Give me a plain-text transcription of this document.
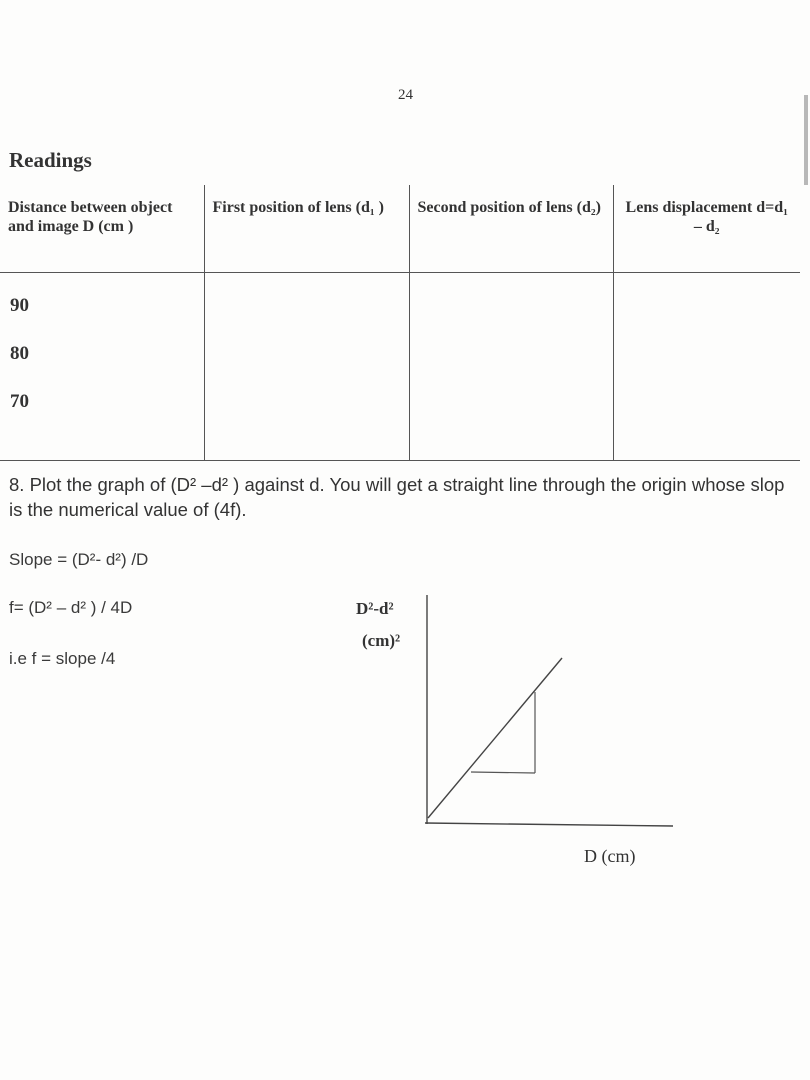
24
Readings
Distance between object and image D (cm )	First position of lens (d₁ )	Second position of lens (d₂)	Lens displacement d=d₁ – d₂

90
80
70			

8. Plot the graph of (D² –d² ) against d. You will get a straight line through the origin whose slop is the numerical value of (4f).
Slope = (D²- d²) /D
f= (D² – d² ) / 4D
i.e f = slope /4
D²-d²
(cm)²
D (cm)
